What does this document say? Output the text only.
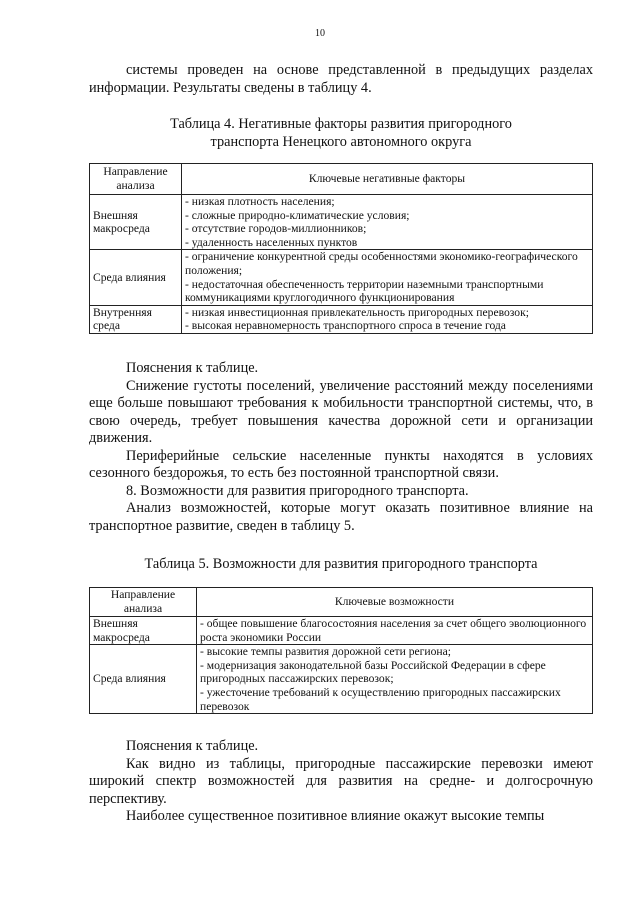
10

системы проведен на основе представленной в предыдущих разделах информации. Результаты сведены в таблицу 4.

Таблица 4. Негативные факторы развития пригородного
транспорта Ненецкого автономного округа
Направление анализа	Ключевые негативные факторы
Внешняя макросреда	- низкая плотность населения;
- сложные природно-климатические условия;
- отсутствие городов-миллионников;
- удаленность населенных пунктов

Среда влияния	- ограничение конкурентной среды особенностями экономико-географического положения;
- недостаточная обеспеченность территории наземными транспортными коммуникациями круглогодичного функционирования

Внутренняя среда	- низкая инвестиционная привлекательность пригородных перевозок;
- высокая неравномерность транспортного спроса в течение года

Пояснения к таблице.

Снижение густоты поселений, увеличение расстояний между поселениями еще больше повышают требования к мобильности транспортной системы, что, в свою очередь, требует повышения качества дорожной сети и организации движения.

Периферийные сельские населенные пункты находятся в условиях сезонного бездорожья, то есть без постоянной транспортной связи.

8. Возможности для развития пригородного транспорта.

Анализ возможностей, которые могут оказать позитивное влияние на транспортное развитие, сведен в таблицу 5.

Таблица 5. Возможности для развития пригородного транспорта
Направление анализа	Ключевые возможности
Внешняя макросреда	- общее повышение благосостояния населения за счет общего эволюционного роста экономики России

Среда влияния	- высокие темпы развития дорожной сети региона;
- модернизация законодательной базы Российской Федерации в сфере пригородных пассажирских перевозок;
- ужесточение требований к осуществлению пригородных пассажирских перевозок

Пояснения к таблице.

Как видно из таблицы, пригородные пассажирские перевозки имеют широкий спектр возможностей для развития на средне- и долгосрочную перспективу.

Наиболее существенное позитивное влияние окажут высокие темпы
